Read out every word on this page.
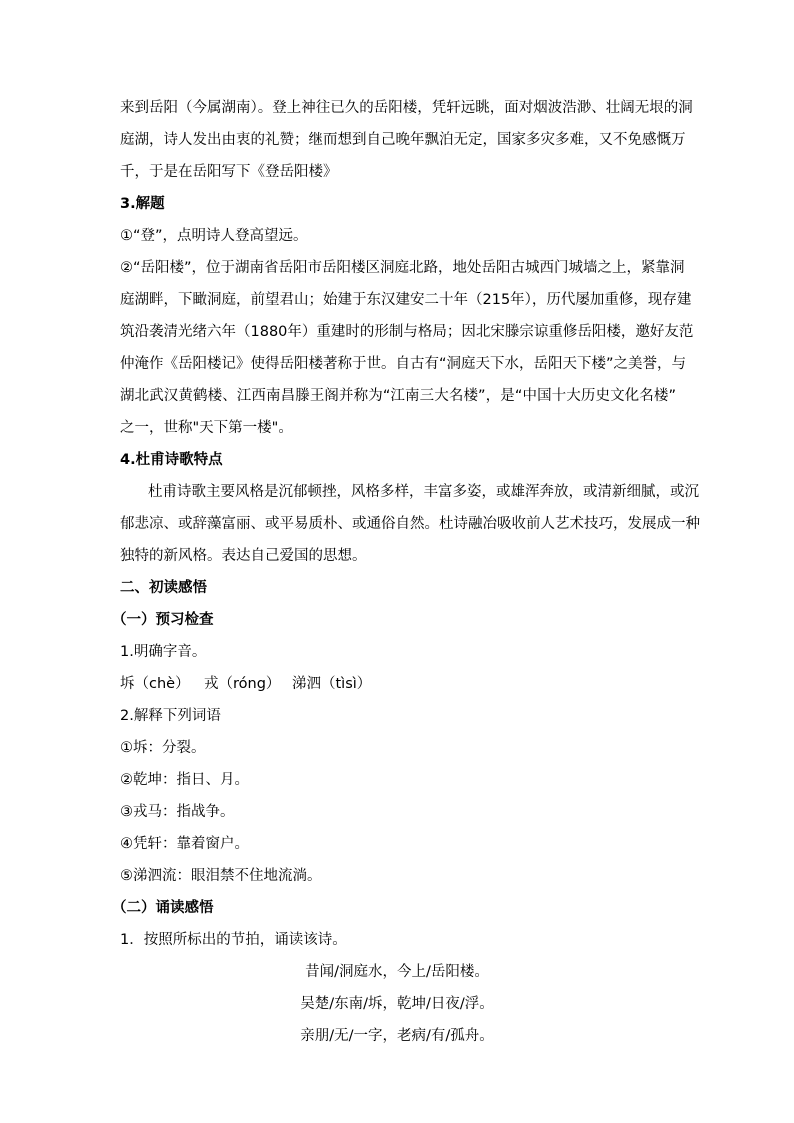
来到岳阳（今属湖南）。登上神往已久的岳阳楼，凭轩远眺，面对烟波浩渺、壮阔无垠的洞
庭湖，诗人发出由衷的礼赞；继而想到自己晚年飘泊无定，国家多灾多难，又不免感慨万
千，于是在岳阳写下《登岳阳楼》
3.解题
①“登”，点明诗人登高望远。
②“岳阳楼”，位于湖南省岳阳市岳阳楼区洞庭北路，地处岳阳古城西门城墙之上，紧靠洞
庭湖畔，下瞰洞庭，前望君山；始建于东汉建安二十年（215年），历代屡加重修，现存建
筑沿袭清光绪六年（1880年）重建时的形制与格局；因北宋滕宗谅重修岳阳楼，邀好友范
仲淹作《岳阳楼记》使得岳阳楼著称于世。自古有“洞庭天下水，岳阳天下楼”之美誉，与
湖北武汉黄鹤楼、江西南昌滕王阁并称为“江南三大名楼”，是“中国十大历史文化名楼”
之一，世称"天下第一楼"。
4.杜甫诗歌特点
杜甫诗歌主要风格是沉郁顿挫，风格多样，丰富多姿，或雄浑奔放，或清新细腻，或沉
郁悲凉、或辞藻富丽、或平易质朴、或通俗自然。杜诗融冶吸收前人艺术技巧，发展成一种
独特的新风格。表达自己爱国的思想。
二、初读感悟
（一）预习检查
1.明确字音。
坼（chè） 戎（róng） 涕泗（tìsì）
2.解释下列词语
①坼：分裂。
②乾坤：指日、月。
③戎马：指战争。
④凭轩：靠着窗户。
⑤涕泗流：眼泪禁不住地流淌。
（二）诵读感悟
1．按照所标出的节拍，诵读该诗。
昔闻/洞庭水，今上/岳阳楼。
吴楚/东南/坼，乾坤/日夜/浮。
亲朋/无/一字，老病/有/孤舟。
